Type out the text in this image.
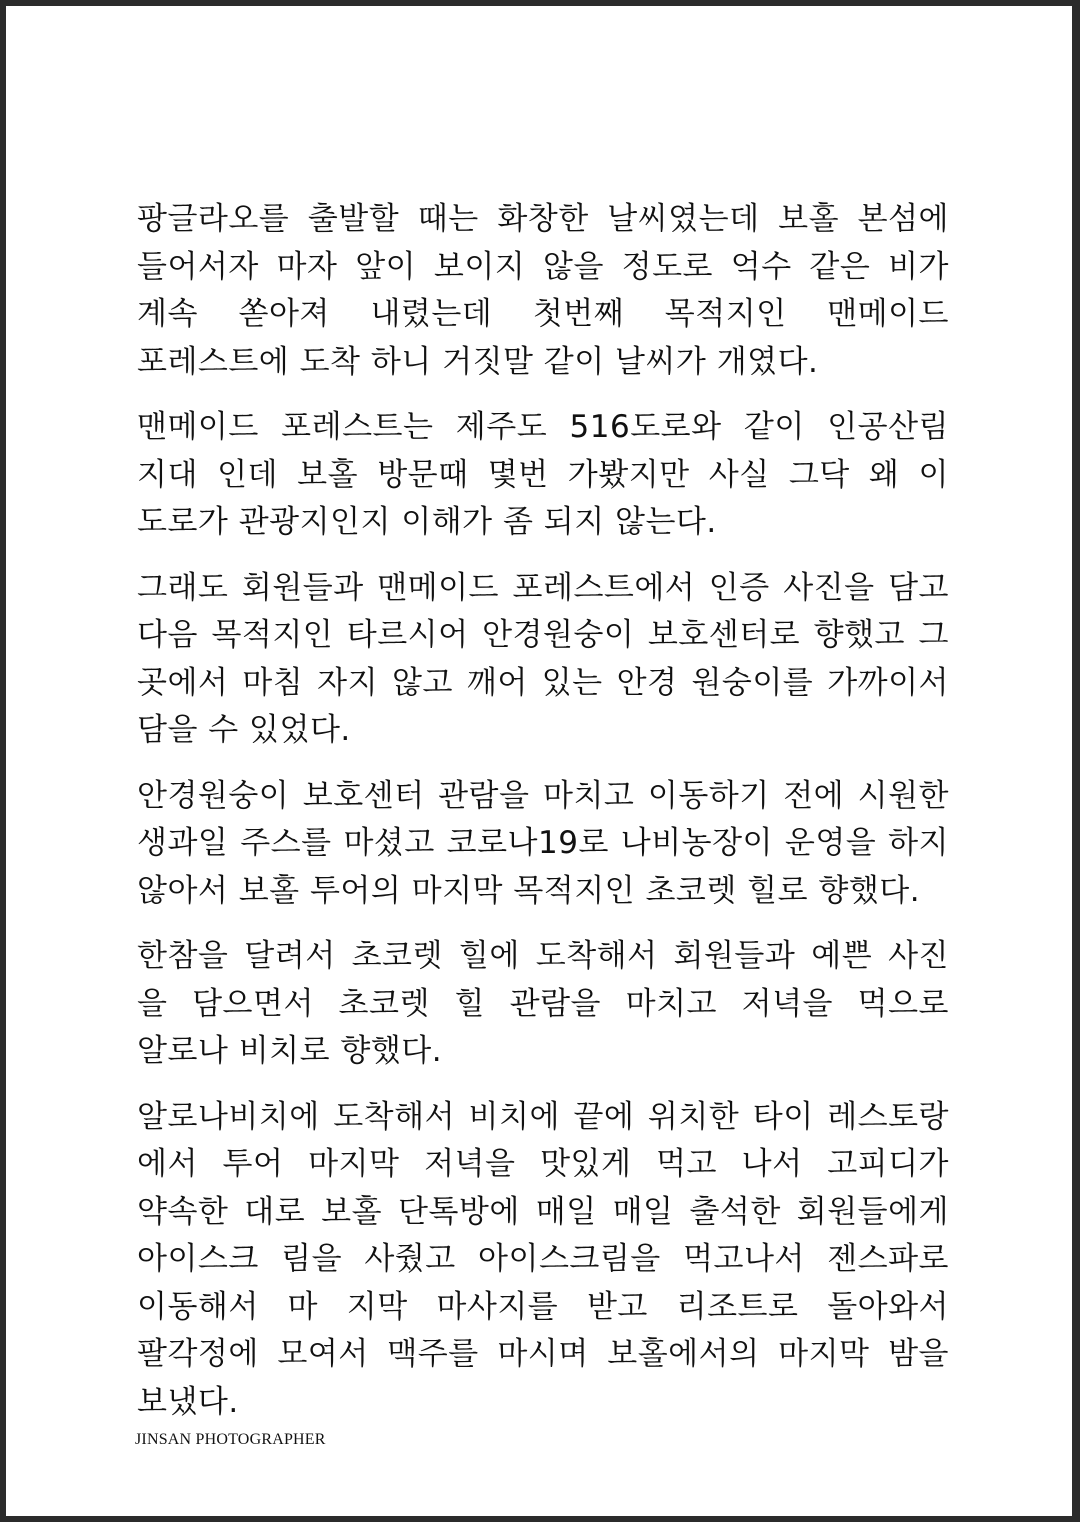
팡글라오를 출발할 때는 화창한 날씨였는데 보홀 본섬에 들어서자 마자 앞이 보이지 않을 정도로 억수 같은 비가 계속 쏟아져 내렸는데 첫번째 목적지인 맨메이드 포레스트에 도착 하니 거짓말 같이 날씨가 개였다.

맨메이드 포레스트는 제주도 516도로와 같이 인공산림 지대 인데 보홀 방문때 몇번 가봤지만 사실 그닥 왜 이 도로가 관광지인지 이해가 좀 되지 않는다.

그래도 회원들과 맨메이드 포레스트에서 인증 사진을 담고 다음 목적지인 타르시어 안경원숭이 보호센터로 향했고 그 곳에서 마침 자지 않고 깨어 있는 안경 원숭이를 가까이서 담을 수 있었다.

안경원숭이 보호센터 관람을 마치고 이동하기 전에 시원한 생과일 주스를 마셨고 코로나19로 나비농장이 운영을 하지 않아서 보홀 투어의 마지막 목적지인 초코렛 힐로 향했다.

한참을 달려서 초코렛 힐에 도착해서 회원들과 예쁜 사진 을 담으면서 초코렛 힐 관람을 마치고 저녁을 먹으로 알로나 비치로 향했다.

알로나비치에 도착해서 비치에 끝에 위치한 타이 레스토랑 에서 투어 마지막 저녁을 맛있게 먹고 나서 고피디가 약속한 대로 보홀 단톡방에 매일 매일 출석한 회원들에게 아이스크 림을 사줬고 아이스크림을 먹고나서 젠스파로 이동해서 마 지막 마사지를 받고 리조트로 돌아와서 팔각정에 모여서 맥주를 마시며 보홀에서의 마지막 밤을 보냈다.

JINSAN PHOTOGRAPHER
